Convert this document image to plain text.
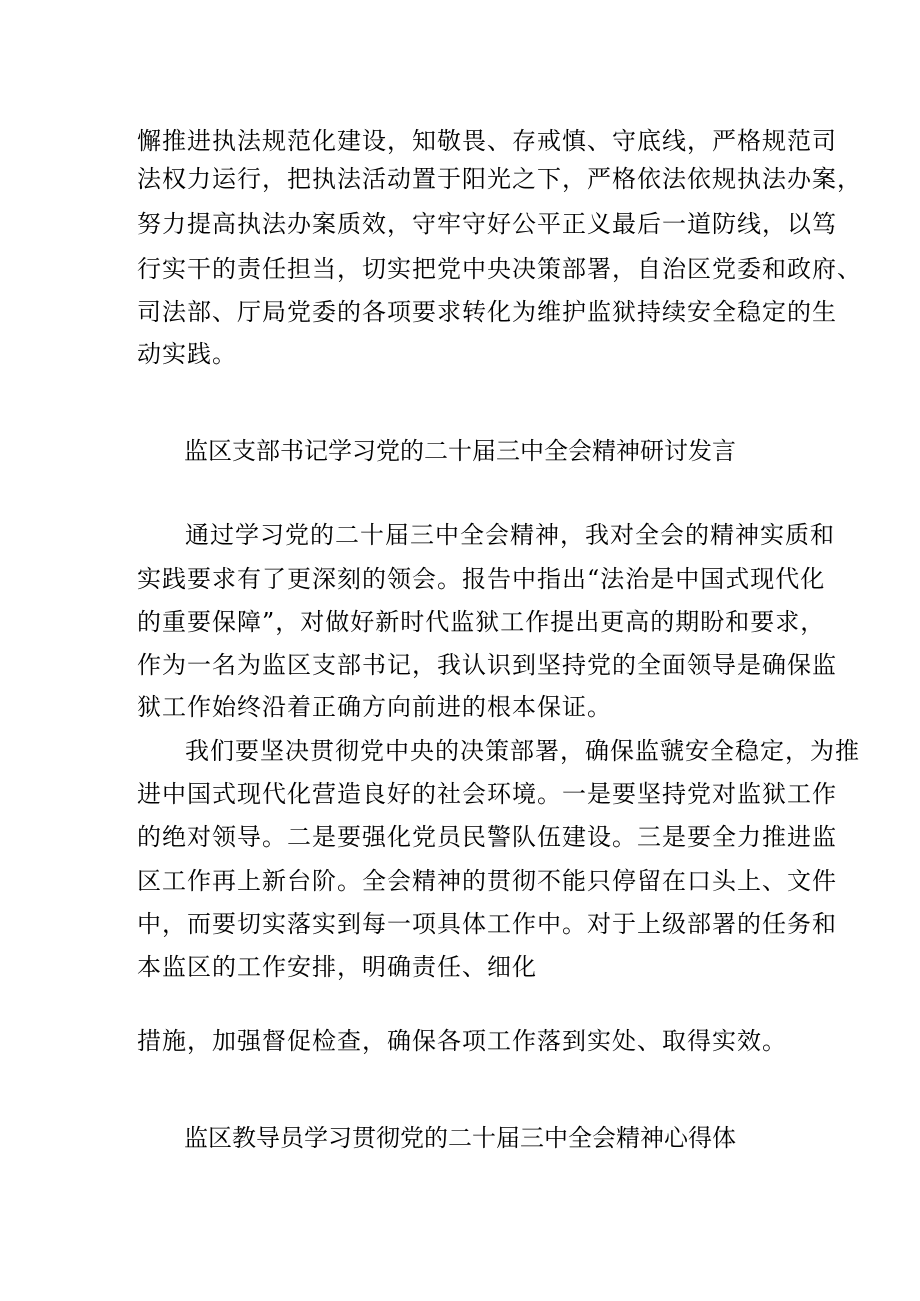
懈推进执法规范化建设，知敬畏、存戒慎、守底线，严格规范司
法权力运行，把执法活动置于阳光之下，严格依法依规执法办案，
努力提高执法办案质效，守牢守好公平正义最后一道防线，以笃
行实干的责任担当，切实把党中央决策部署，自治区党委和政府、
司法部、厅局党委的各项要求转化为维护监狱持续安全稳定的生
动实践。
监区支部书记学习党的二十届三中全会精神研讨发言
通过学习党的二十届三中全会精神，我对全会的精神实质和
实践要求有了更深刻的领会。报告中指出“法治是中国式现代化
的重要保障”，对做好新时代监狱工作提出更高的期盼和要求，
作为一名为监区支部书记，我认识到坚持党的全面领导是确保监
狱工作始终沿着正确方向前进的根本保证。
我们要坚决贯彻党中央的决策部署，确保监虢安全稳定，为推
进中国式现代化营造良好的社会环境。一是要坚持党对监狱工作
的绝对领导。二是要强化党员民警队伍建设。三是要全力推进监
区工作再上新台阶。全会精神的贯彻不能只停留在口头上、文件
中，而要切实落实到每一项具体工作中。对于上级部署的任务和
本监区的工作安排，明确责任、细化
措施，加强督促检查，确保各项工作落到实处、取得实效。
监区教导员学习贯彻党的二十届三中全会精神心得体
